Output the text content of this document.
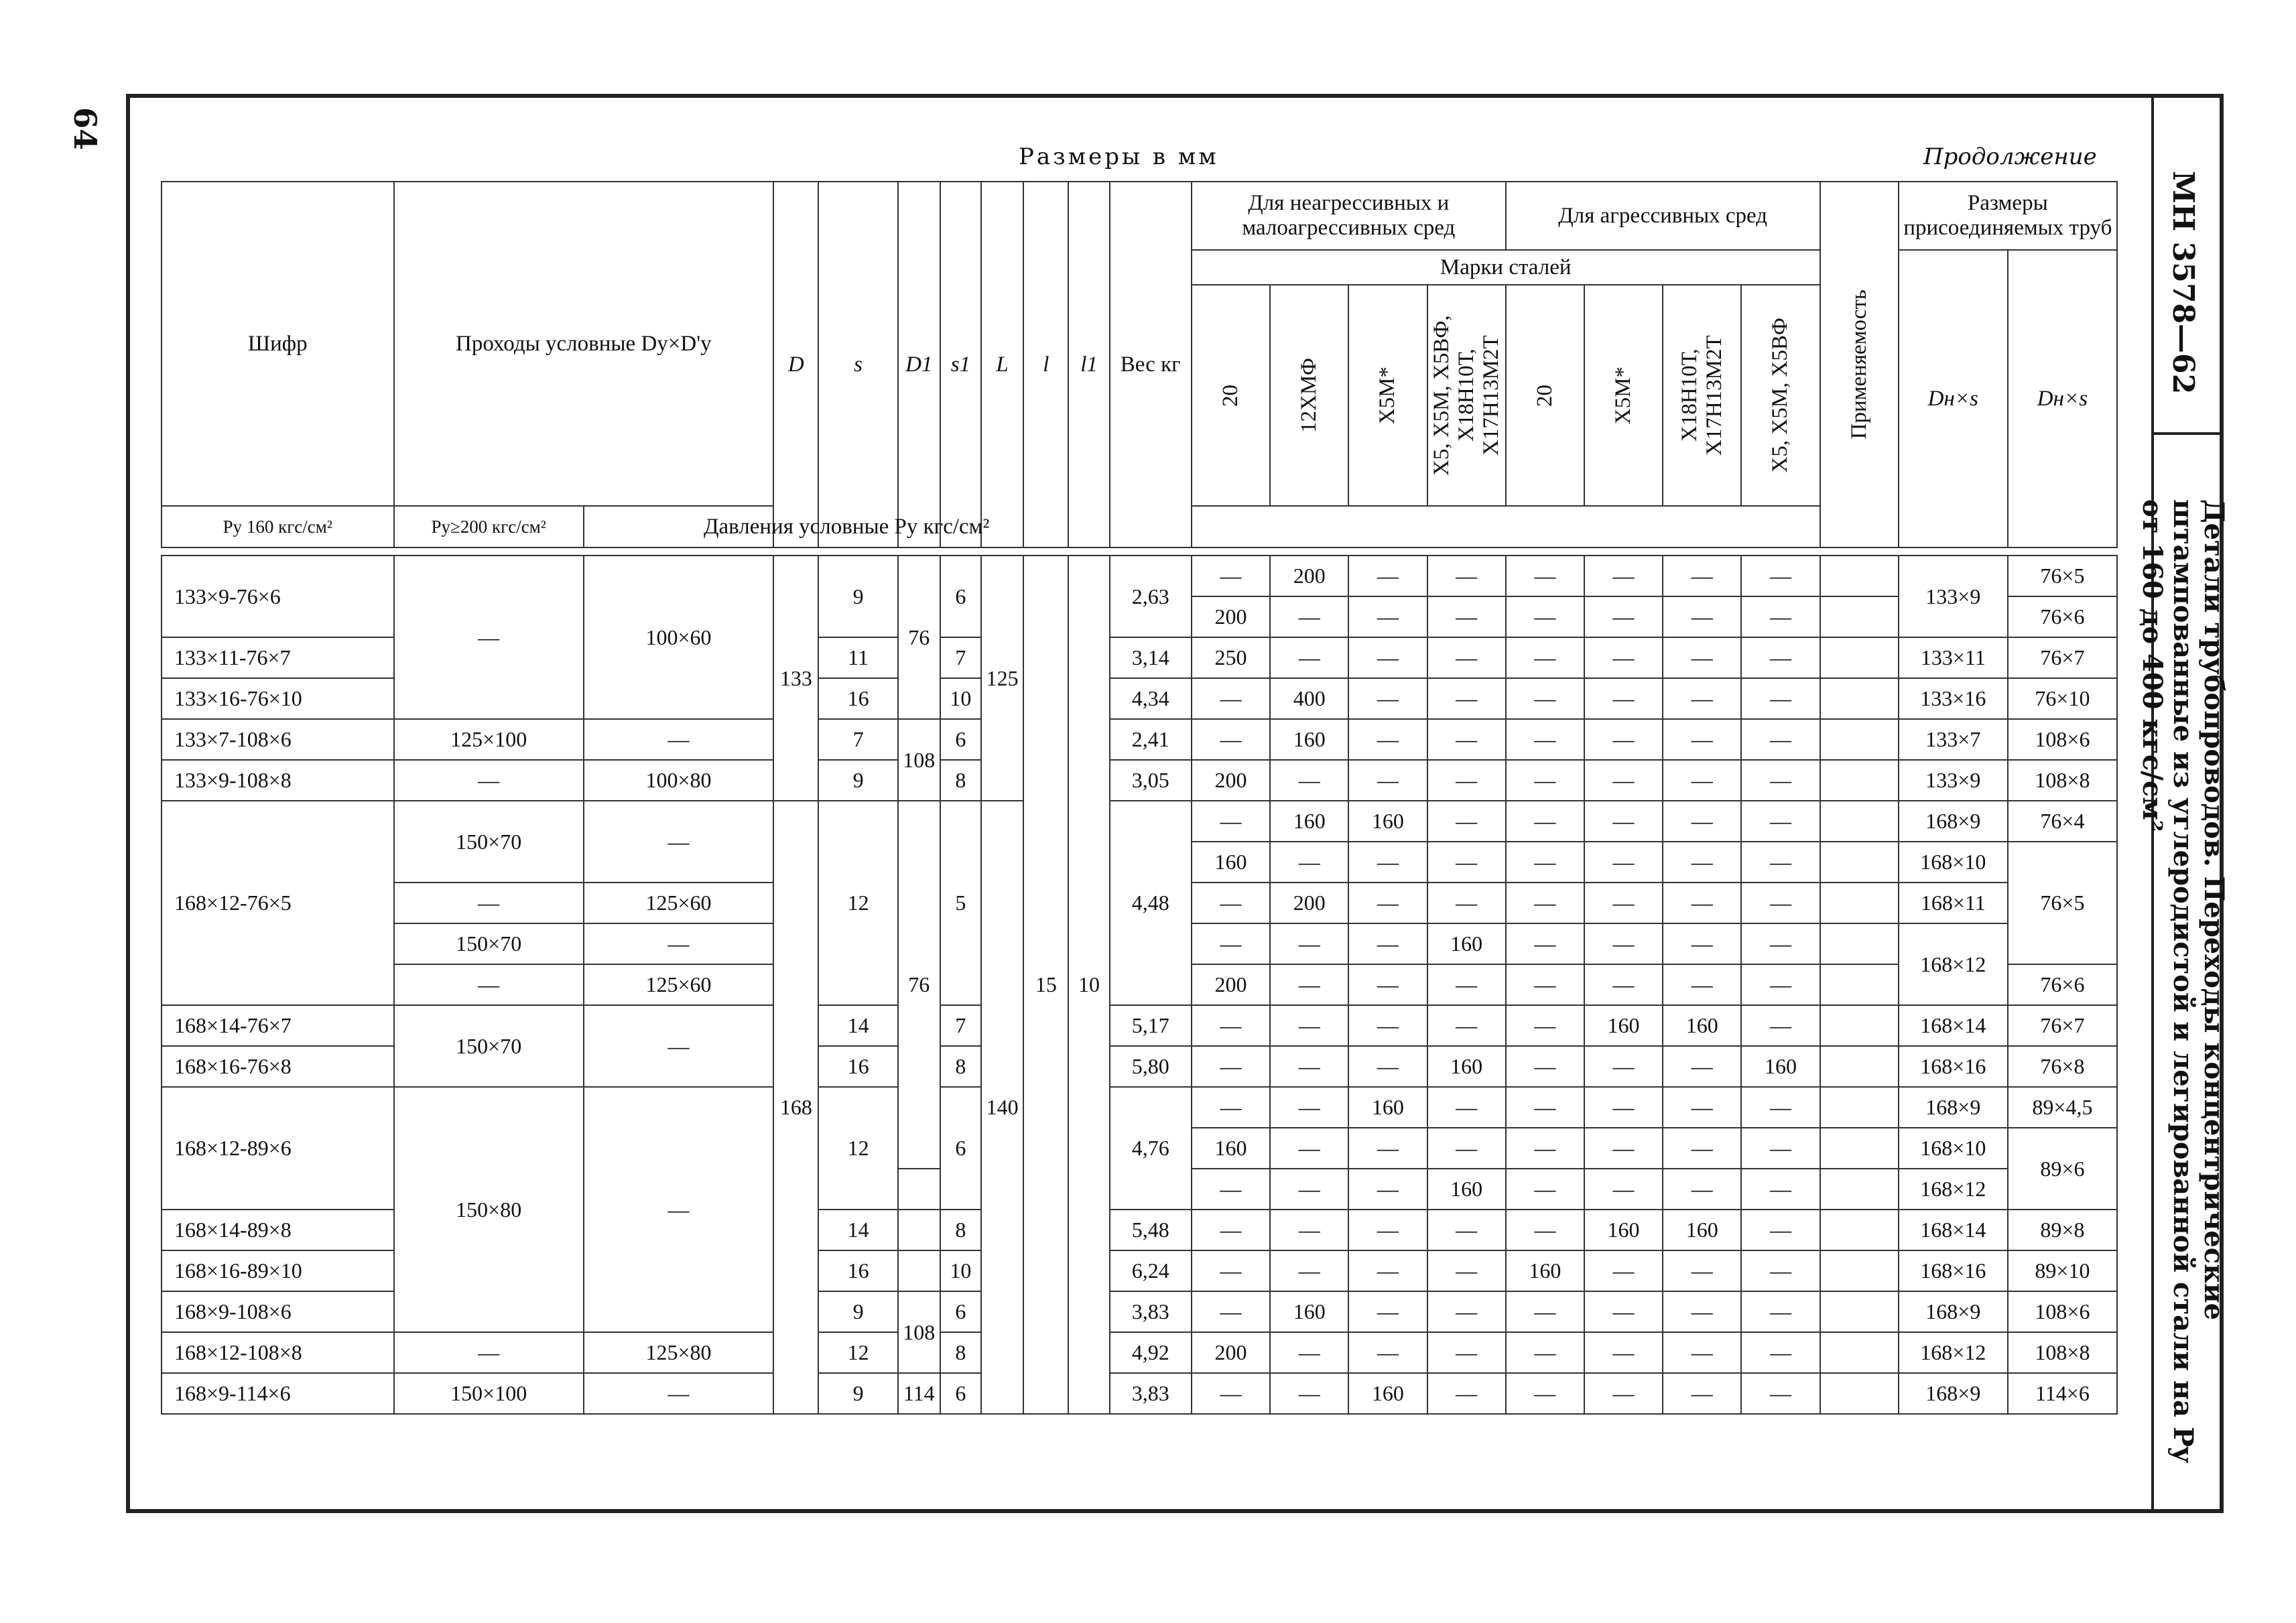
64
Размеры в мм	Продолжение
МН 3578—62
Детали трубопроводов. Переходы концентрические штампованные из углеродистой и легированной стали на Py от 160 до 400 кгс/см²
Шифр	Проходы условные Dу×D'у		D	s	D1	s1	L	l	l1	Вес кг	Для неагрессивных и малоагрессивных сред				Для агрессивных сред				Применяемость	Размеры присоединяемых труб	
											Марки сталей									Dн×s	Dн×s

											20	12ХМФ	Х5М*	Х5, Х5М, Х5ВФ, Х18Н10Т, Х17Н13М2Т	20	Х5М*	Х18Н10Т, Х17Н13М2Т	Х5, Х5М, Х5ВФ			

Pу 160 кгс/см²	Pу≥200 кгс/см²	Давления условные Pу кгс/см²																			

133×9-76×6	—	100×60	133	9	76	6	125	15	10	2,63	—	200	—	—	—	—	—	—		133×9	76×5
											200	—	—	—	—	—	—	—			76×6
133×11-76×7				11		7				3,14	250	—	—	—	—	—	—	—		133×11	76×7
133×16-76×10				16		10				4,34	—	400	—	—	—	—	—	—		133×16	76×10
133×7-108×6	125×100	—		7	108	6				2,41	—	160	—	—	—	—	—	—		133×7	108×6
133×9-108×8	—	100×80		9		8				3,05	200	—	—	—	—	—	—	—		133×9	108×8
168×12-76×5	150×70	—	168	12	76	5	140			4,48	—	160	160	—	—	—	—	—		168×9	76×4
											160	—	—	—	—	—	—	—		168×10	76×5
	—	125×60									—	200	—	—	—	—	—	—		168×11	
	150×70	—									—	—	—	160	—	—	—	—		168×12	
	—	125×60									200	—	—	—	—	—	—	—			76×6
168×14-76×7	150×70	—		14		7				5,17	—	—	—	—	—	160	160	—		168×14	76×7
168×16-76×8				16		8				5,80	—	—	—	160	—	—	—	160		168×16	76×8
168×12-89×6	150×80	—		12		6				4,76	—	—	160	—	—	—	—	—		168×9	89×4,5
											160	—	—	—	—	—	—	—		168×10	89×6
											—	—	—	160	—	—	—	—		168×12	
168×14-89×8				14		8				5,48	—	—	—	—	—	160	160	—		168×14	89×8
168×16-89×10				16		10				6,24	—	—	—	—	160	—	—	—		168×16	89×10
168×9-108×6				9	108	6				3,83	—	160	—	—	—	—	—	—		168×9	108×6
168×12-108×8	—	125×80		12		8				4,92	200	—	—	—	—	—	—	—		168×12	108×8
168×9-114×6	150×100	—		9	114	6				3,83	—	—	160	—	—	—	—	—		168×9	114×6
